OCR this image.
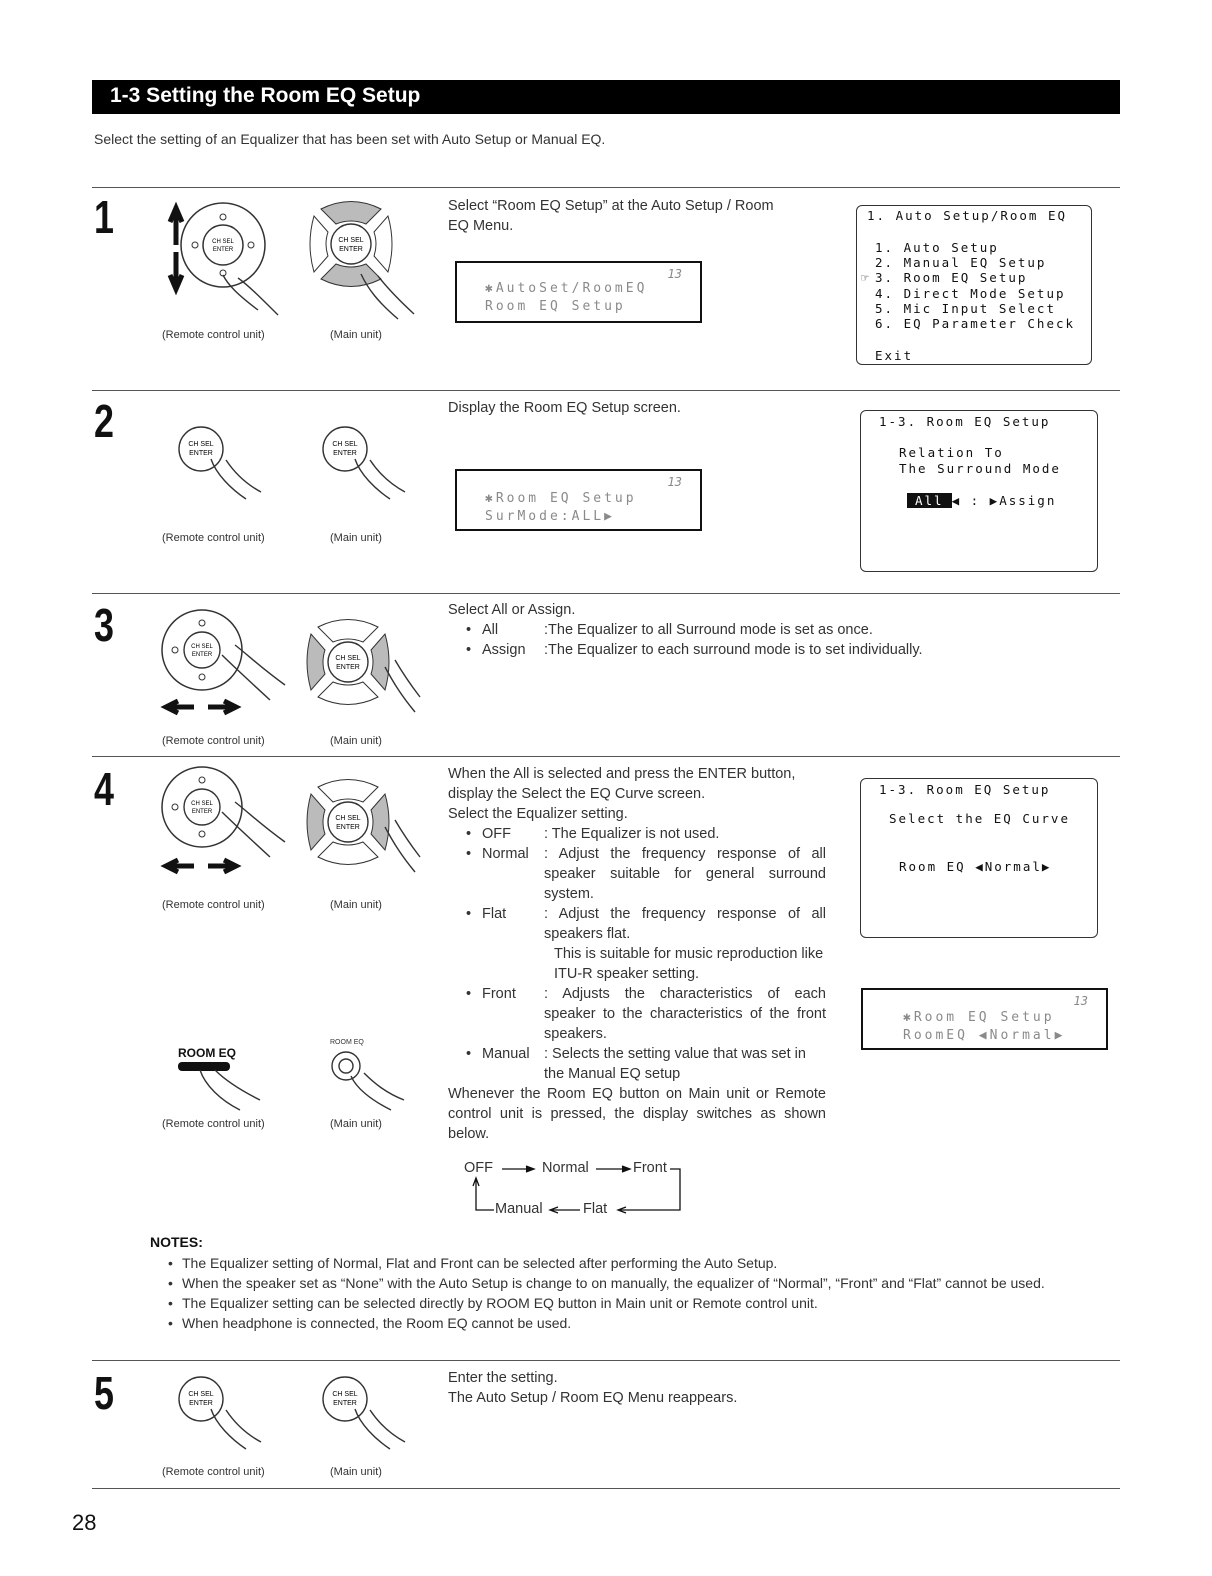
1-3 Setting the Room EQ Setup
Select the setting of an Equalizer that has been set with Auto Setup or Manual EQ.
1	CH SEL
ENTER
(Remote control unit)
CH SEL
ENTER
(Main unit)

Select “Room EQ Setup” at the Auto Setup / Room

EQ Menu.

13
✱AutoSet/RoomEQ
Room EQ Setup
1. Auto Setup/Room EQ
1. Auto Setup
2. Manual EQ Setup
☞ 3. Room EQ Setup
4. Direct Mode Setup
5. Mic Input Select
6. EQ Parameter Check
Exit
2	CH SEL
ENTER
(Remote control unit)
CH SEL
ENTER
(Main unit)
Display the Room EQ Setup screen.
13
✱Room EQ Setup
SurMode:ALL▶
1-3. Room EQ Setup
Relation To
The Surround Mode
All ◀ : ▶Assign
3	CH SEL
ENTER
(Remote control unit)
CH SEL
ENTER
(Main unit)

Select All or Assign.

• All	:The Equalizer to all Surround mode is set as once.
• Assign :The Equalizer to each surround mode is to set individually.
4	CH SEL
ENTER
(Remote control unit)
CH SEL
ENTER
(Main unit)
ROOM EQ
(Remote control unit)
ROOM EQ
(Main unit)

When the All is selected and press the ENTER button,

display the Select the EQ Curve screen.

Select the Equalizer setting.

• OFF : The Equalizer is not used.
• Normal : Adjust the frequency response of all speaker suitable for general surround system.
• Flat	: Adjust the frequency response of all speakers flat.
This is suitable for music reproduction like ITU-R speaker setting.
• Front : Adjusts the characteristics of each speaker to the characteristics of the front speakers.
• Manual : Selects the setting value that was set in the Manual EQ setup

Whenever the Room EQ button on Main unit or Remote control unit is pressed, the display switches as shown below.

OFF	Normal	Front
Manual	Flat
1-3. Room EQ Setup
Select the EQ Curve
Room EQ ◀Normal▶
13
✱Room EQ Setup
RoomEQ ◀Normal▶
NOTES:
• The Equalizer setting of Normal, Flat and Front can be selected after performing the Auto Setup.
• When the speaker set as “None” with the Auto Setup is change to on manually, the equalizer of “Normal”, “Front” and “Flat” cannot be used.
• The Equalizer setting can be selected directly by ROOM EQ button in Main unit or Remote control unit.
• When headphone is connected, the Room EQ cannot be used.
5	CH SEL
ENTER
(Remote control unit)
CH SEL
ENTER
(Main unit)

Enter the setting.

The Auto Setup / Room EQ Menu reappears.

28
